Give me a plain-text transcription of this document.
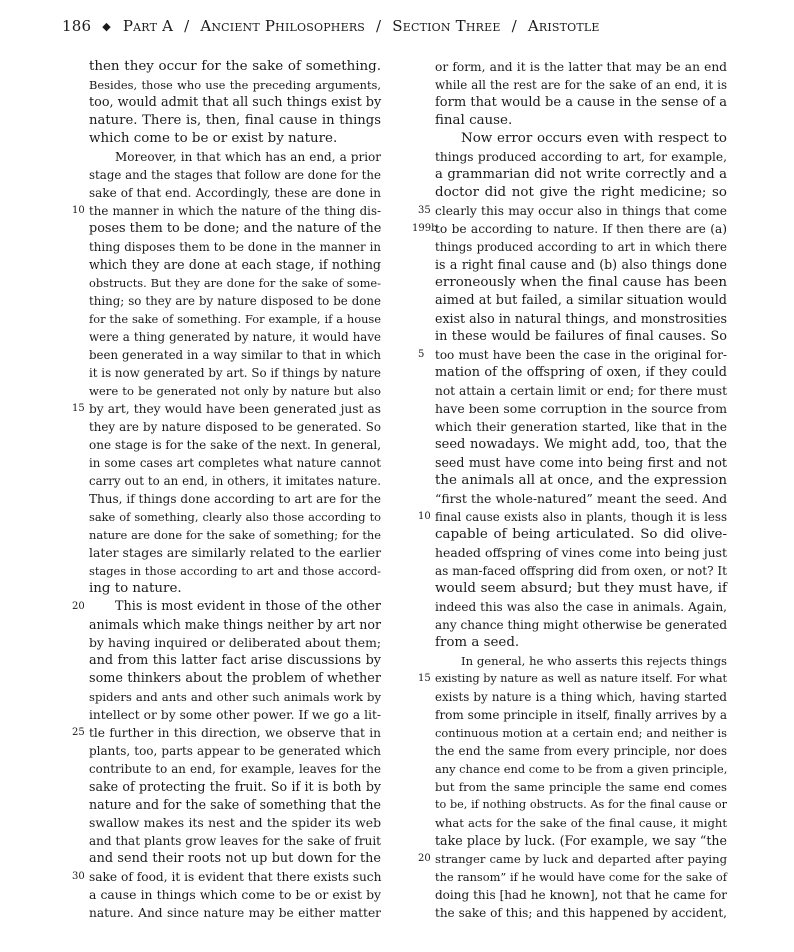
186 ◆ Part A / Ancient Philosophers / Section Three / Aristotle
then they occur for the sake of something.
Besides, those who use the preceding arguments,
too, would admit that all such things exist by
nature. There is, then, final cause in things
which come to be or exist by nature.
Moreover, in that which has an end, a prior
stage and the stages that follow are done for the
sake of that end. Accordingly, these are done in
10 the manner in which the nature of the thing dis-
poses them to be done; and the nature of the
thing disposes them to be done in the manner in
which they are done at each stage, if nothing
obstructs. But they are done for the sake of some-
thing; so they are by nature disposed to be done
for the sake of something. For example, if a house
were a thing generated by nature, it would have
been generated in a way similar to that in which
it is now generated by art. So if things by nature
were to be generated not only by nature but also
15 by art, they would have been generated just as
they are by nature disposed to be generated. So
one stage is for the sake of the next. In general,
in some cases art completes what nature cannot
carry out to an end, in others, it imitates nature.
Thus, if things done according to art are for the
sake of something, clearly also those according to
nature are done for the sake of something; for the
later stages are similarly related to the earlier
stages in those according to art and those accord-
ing to nature.
20 This is most evident in those of the other
animals which make things neither by art nor
by having inquired or deliberated about them;
and from this latter fact arise discussions by
some thinkers about the problem of whether
spiders and ants and other such animals work by
intellect or by some other power. If we go a lit-
25 tle further in this direction, we observe that in
plants, too, parts appear to be generated which
contribute to an end, for example, leaves for the
sake of protecting the fruit. So if it is both by
nature and for the sake of something that the
swallow makes its nest and the spider its web
and that plants grow leaves for the sake of fruit
and send their roots not up but down for the
30 sake of food, it is evident that there exists such
a cause in things which come to be or exist by
nature. And since nature may be either matter
or form, and it is the latter that may be an end
while all the rest are for the sake of an end, it is
form that would be a cause in the sense of a
final cause.
Now error occurs even with respect to
things produced according to art, for example,
a grammarian did not write correctly and a
doctor did not give the right medicine; so
35 clearly this may occur also in things that come
199b
to be according to nature. If then there are (a)
things produced according to art in which there
is a right final cause and (b) also things done
erroneously when the final cause has been
aimed at but failed, a similar situation would
exist also in natural things, and monstrosities
in these would be failures of final causes. So
5 too must have been the case in the original for-
mation of the offspring of oxen, if they could
not attain a certain limit or end; for there must
have been some corruption in the source from
which their generation started, like that in the
seed nowadays. We might add, too, that the
seed must have come into being first and not
the animals all at once, and the expression
“first the whole-natured” meant the seed. And
10 final cause exists also in plants, though it is less
capable of being articulated. So did olive-
headed offspring of vines come into being just
as man-faced offspring did from oxen, or not? It
would seem absurd; but they must have, if
indeed this was also the case in animals. Again,
any chance thing might otherwise be generated
from a seed.
In general, he who asserts this rejects things
15 existing by nature as well as nature itself. For what
exists by nature is a thing which, having started
from some principle in itself, finally arrives by a
continuous motion at a certain end; and neither is
the end the same from every principle, nor does
any chance end come to be from a given principle,
but from the same principle the same end comes
to be, if nothing obstructs. As for the final cause or
what acts for the sake of the final cause, it might
take place by luck. (For example, we say “the
20 stranger came by luck and departed after paying
the ransom” if he would have come for the sake of
doing this [had he known], not that he came for
the sake of this; and this happened by accident,
